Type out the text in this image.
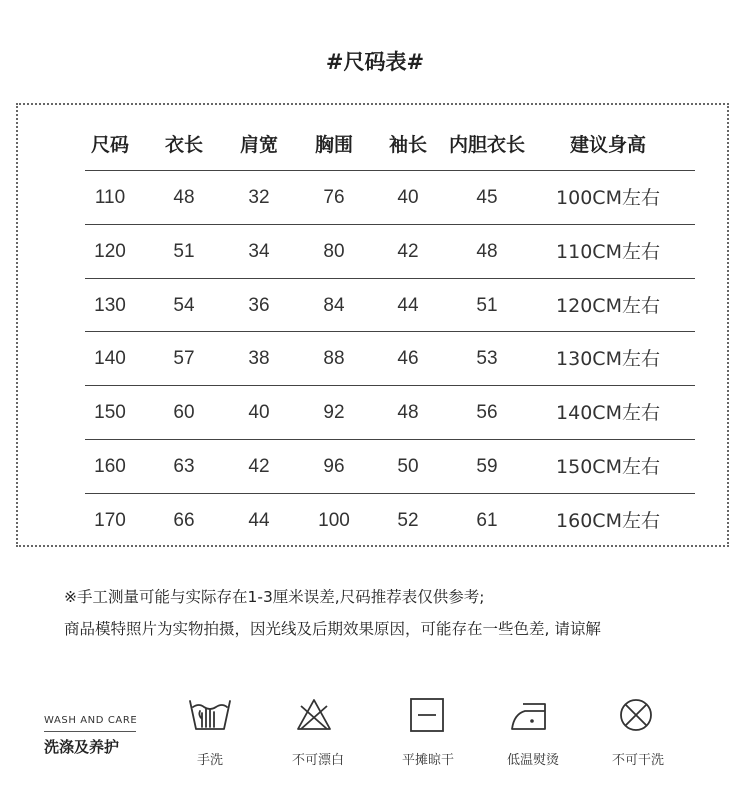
#尺码表#
尺码 衣长 肩宽 胸围 袖长 内胆衣长 建议身高
110	48	32	76	40	45	100CM左右
120	51	34	80	42	48	110CM左右
130	54	36	84	44	51	120CM左右
140	57	38	88	46	53	130CM左右
150	60	40	92	48	56	140CM左右
160	63	42	96	50	59	150CM左右
170	66	44	100	52	61	160CM左右
※手工测量可能与实际存在1-3厘米误差,尺码推荐表仅供参考;
商品模特照片为实物拍摄，因光线及后期效果原因，可能存在一些色差, 请谅解
WASH AND CARE
洗涤及养护
手洗	不可漂白	平摊晾干	低温熨烫	不可干洗
